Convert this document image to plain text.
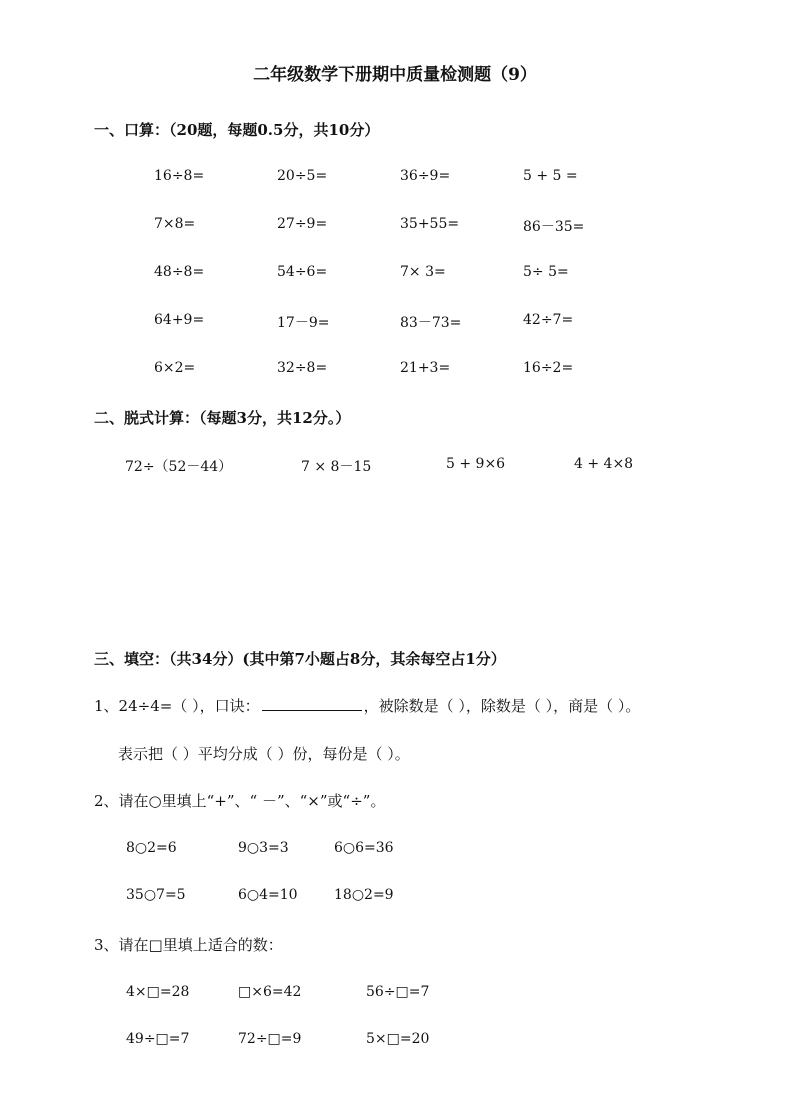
二年级数学下册期中质量检测题（9）
一、口算：（20题，每题0.5分，共10分）
16÷8=	20÷5=	36÷9=	5 + 5 =
7×8=	27÷9=	35+55=	86－35=
48÷8=	54÷6=	7× 3=	5÷ 5=
64+9=	17－9=	83－73=	42÷7=
6×2=	32÷8=	21+3=	16÷2=
二、脱式计算：（每题3分，共12分。）
72÷（52－44）	7 × 8－15	5 + 9×6	4 + 4×8
三、填空：（共34分）(其中第7小题占8分，其余每空占1分）
1、24÷4=（ ），口诀：	，被除数是（ ），除数是（ ），商是（ ）。
表示把（ ）平均分成（ ）份，每份是（ ）。
2、请在○里填上“+”、“ －”、“×”或“÷”。
8○2=6	9○3=3	6○6=36
35○7=5	6○4=10	18○2=9
3、请在□里填上适合的数：
4×□=28	□×6=42	56÷□=7
49÷□=7	72÷□=9	5×□=20
